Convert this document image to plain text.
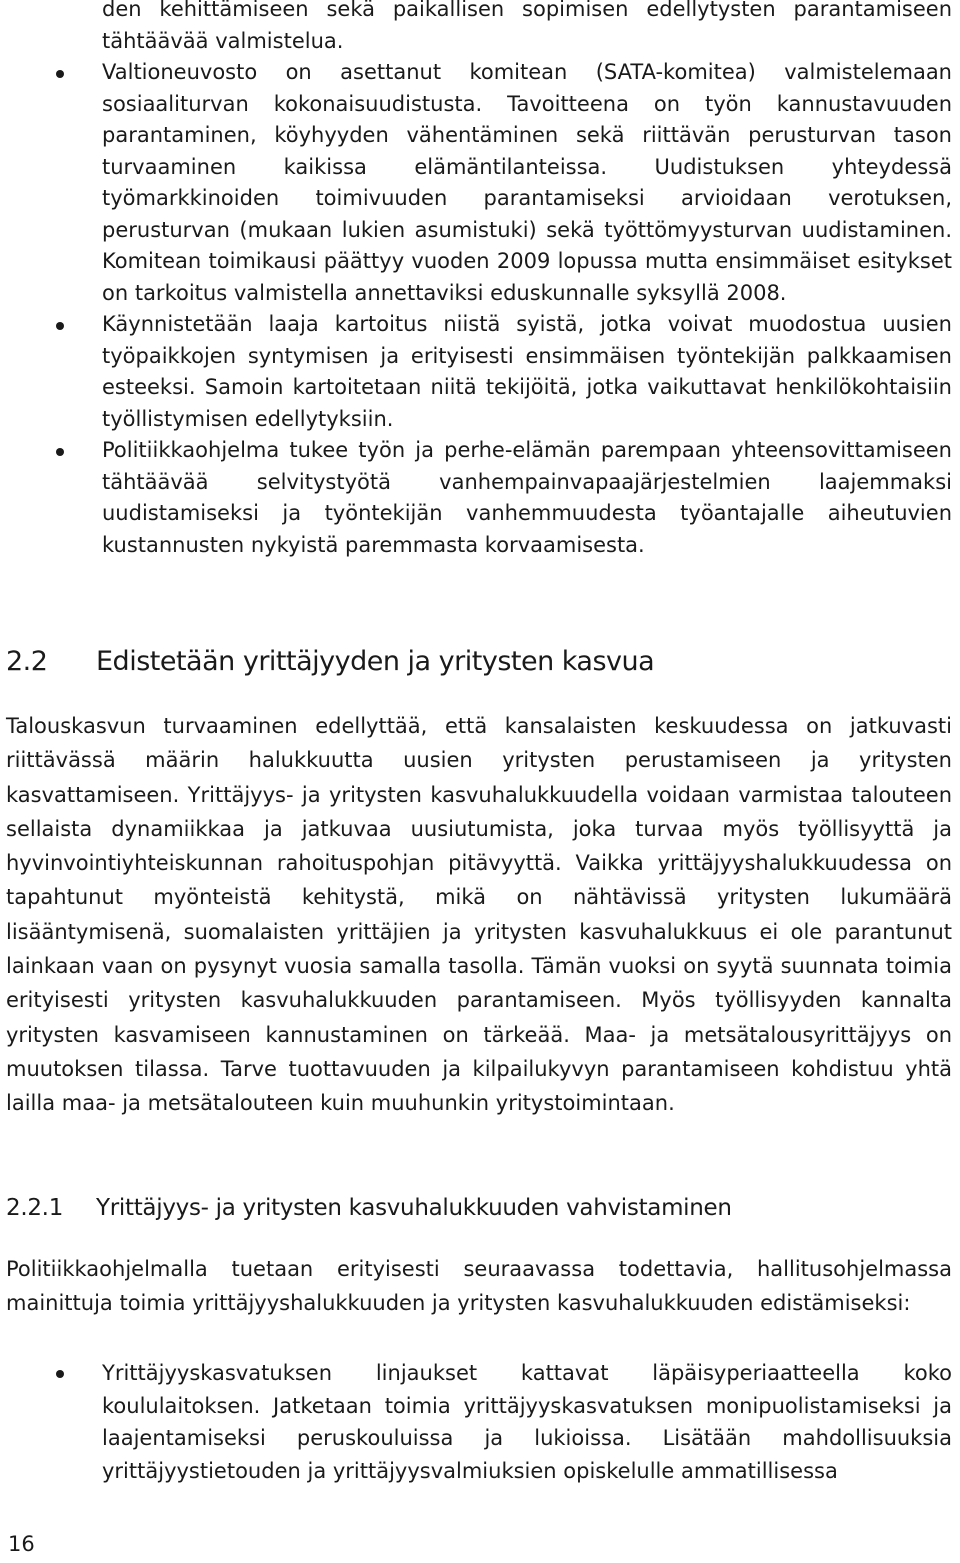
den kehittämiseen sekä paikallisen sopimisen edellytysten parantamiseen tähtäävää valmistelua.
Valtioneuvosto on asettanut komitean (SATA-komitea) valmistelemaan sosiaaliturvan kokonaisuudistusta. Tavoitteena on työn kannustavuuden parantaminen, köyhyyden vähentäminen sekä riittävän perusturvan tason turvaaminen kaikissa elämäntilanteissa. Uudistuksen yhteydessä työmarkkinoiden toimivuuden parantamiseksi arvioidaan verotuksen, perusturvan (mukaan lukien asumistuki) sekä työttömyysturvan uudistaminen. Komitean toimikausi päättyy vuoden 2009 lopussa mutta ensimmäiset esitykset on tarkoitus valmistella annettaviksi eduskunnalle syksyllä 2008.
Käynnistetään laaja kartoitus niistä syistä, jotka voivat muodostua uusien työpaikkojen syntymisen ja erityisesti ensimmäisen työntekijän palkkaamisen esteeksi. Samoin kartoitetaan niitä tekijöitä, jotka vaikuttavat henkilökohtaisiin työllistymisen edellytyksiin.
Politiikkaohjelma tukee työn ja perhe-elämän parempaan yhteensovittamiseen tähtäävää selvitystyötä vanhempainvapaajärjestelmien laajemmaksi uudistamiseksi ja työntekijän vanhemmuudesta työantajalle aiheutuvien kustannusten nykyistä paremmasta korvaamisesta.
2.2 Edistetään yrittäjyyden ja yritysten kasvua

Talouskasvun turvaaminen edellyttää, että kansalaisten keskuudessa on jatkuvasti riittävässä määrin halukkuutta uusien yritysten perustamiseen ja yritysten kasvattamiseen. Yrittäjyys- ja yritysten kasvuhalukkuudella voidaan varmistaa talouteen sellaista dynamiikkaa ja jatkuvaa uusiutumista, joka turvaa myös työllisyyttä ja hyvinvointiyhteiskunnan rahoituspohjan pitävyyttä. Vaikka yrittäjyyshalukkuudessa on tapahtunut myönteistä kehitystä, mikä on nähtävissä yritysten lukumäärä lisääntymisenä, suomalaisten yrittäjien ja yritysten kasvuhalukkuus ei ole parantunut lainkaan vaan on pysynyt vuosia samalla tasolla. Tämän vuoksi on syytä suunnata toimia erityisesti yritysten kasvuhalukkuuden parantamiseen. Myös työllisyyden kannalta yritysten kasvamiseen kannustaminen on tärkeää. Maa- ja metsätalousyrittäjyys on muutoksen tilassa. Tarve tuottavuuden ja kilpailukyvyn parantamiseen kohdistuu yhtä lailla maa- ja metsätalouteen kuin muuhunkin yritystoimintaan.

2.2.1 Yrittäjyys- ja yritysten kasvuhalukkuuden vahvistaminen

Politiikkaohjelmalla tuetaan erityisesti seuraavassa todettavia, hallitusohjelmassa mainittuja toimia yrittäjyyshalukkuuden ja yritysten kasvuhalukkuuden edistämiseksi:

Yrittäjyyskasvatuksen linjaukset kattavat läpäisyperiaatteella koko koululaitoksen. Jatketaan toimia yrittäjyyskasvatuksen monipuolistamiseksi ja laajentamiseksi peruskouluissa ja lukioissa. Lisätään mahdollisuuksia yrittäjyystietouden ja yrittäjyysvalmiuksien opiskelulle ammatillisessa
16
